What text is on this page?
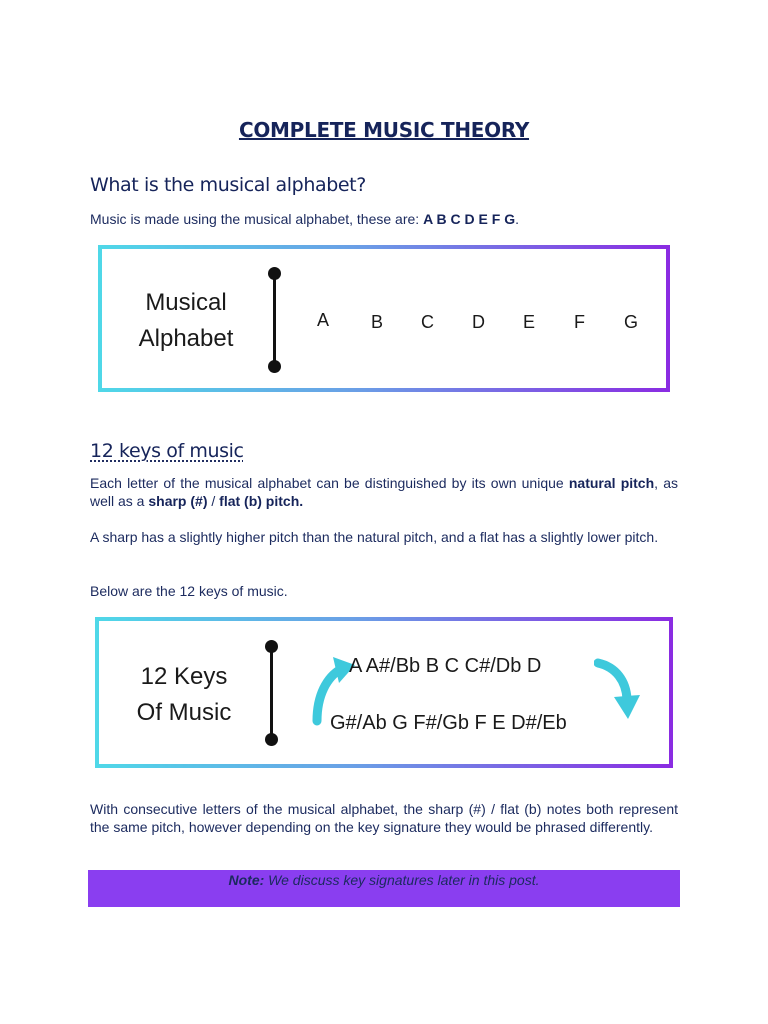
COMPLETE MUSIC THEORY
What is the musical alphabet?
Music is made using the musical alphabet, these are: A B C D E F G.
Musical
Alphabet
A B C D E F G
12 keys of music
Each letter of the musical alphabet can be distinguished by its own unique natural pitch, as well as a sharp (#) / flat (b) pitch.
A sharp has a slightly higher pitch than the natural pitch, and a flat has a slightly lower pitch.
Below are the 12 keys of music.
12 Keys
Of Music
A A#/Bb B C C#/Db D
G#/Ab G F#/Gb F E D#/Eb
With consecutive letters of the musical alphabet, the sharp (#) / flat (b) notes both represent the same pitch, however depending on the key signature they would be phrased differently.
Note: We discuss key signatures later in this post.
